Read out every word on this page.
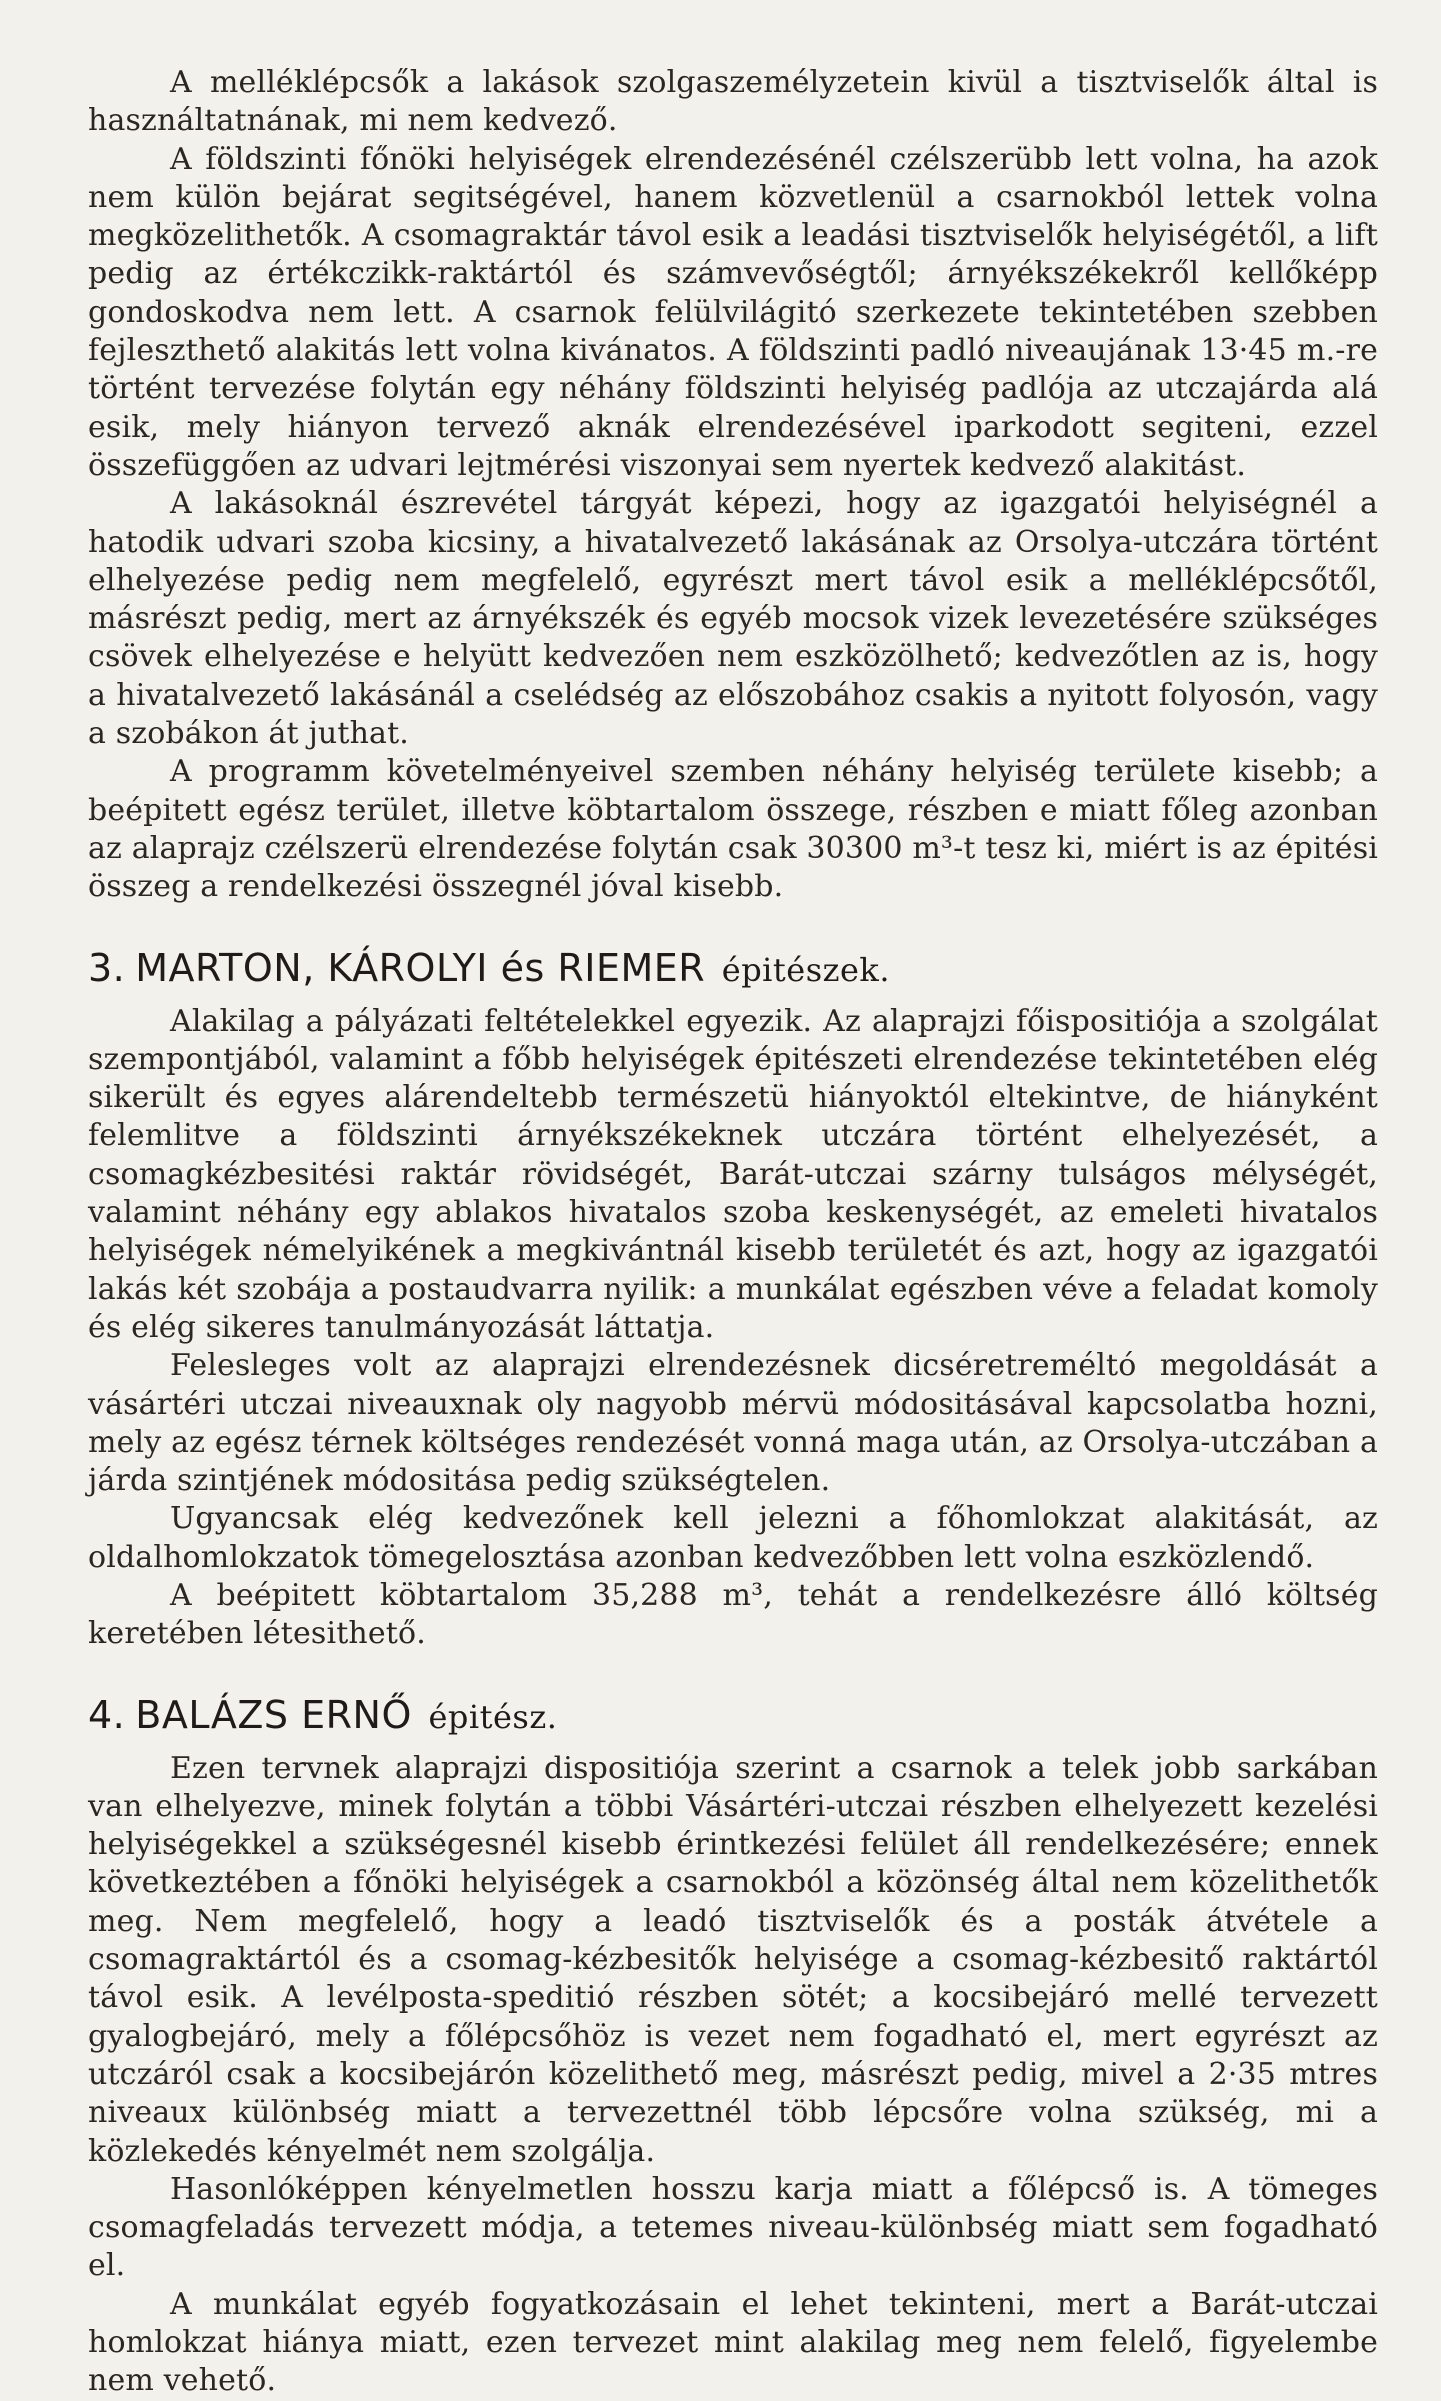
A melléklépcsők a lakások szolgaszemélyzetein kivül a tisztviselők által is használtatnának, mi nem kedvező.

A földszinti főnöki helyiségek elrendezésénél czélszerübb lett volna, ha azok nem külön bejárat segitségével, hanem közvetlenül a csarnokból lettek volna megközelithetők. A csomagraktár távol esik a leadási tisztviselők helyiségétől, a lift pedig az értékczikk-raktártól és számvevőségtől; árnyékszékekről kellőképp gondoskodva nem lett. A csarnok felülvilágitó szerkezete tekintetében szebben fejleszthető alakitás lett volna kivánatos. A földszinti padló niveaujának 13·45 m.-re történt tervezése folytán egy néhány földszinti helyiség padlója az utczajárda alá esik, mely hiányon tervező aknák elrendezésével iparkodott segiteni, ezzel összefüggően az udvari lejtmérési viszonyai sem nyertek kedvező alakitást.

A lakásoknál észrevétel tárgyát képezi, hogy az igazgatói helyiségnél a hatodik udvari szoba kicsiny, a hivatalvezető lakásának az Orsolya-utczára történt elhelyezése pedig nem megfelelő, egyrészt mert távol esik a melléklépcsőtől, másrészt pedig, mert az árnyékszék és egyéb mocsok vizek levezetésére szükséges csövek elhelyezése e helyütt kedvezően nem eszközölhető; kedvezőtlen az is, hogy a hivatalvezető lakásánál a cselédség az előszobához csakis a nyitott folyosón, vagy a szobákon át juthat.

A programm követelményeivel szemben néhány helyiség területe kisebb; a beépitett egész terület, illetve köbtartalom összege, részben e miatt főleg azonban az alaprajz czélszerü elrendezése folytán csak 30300 m³-t tesz ki, miért is az épitési összeg a rendelkezési összegnél jóval kisebb.

3. MARTON, KÁROLYI és RIEMER épitészek.

Alakilag a pályázati feltételekkel egyezik. Az alaprajzi főispositiója a szolgálat szempontjából, valamint a főbb helyiségek épitészeti elrendezése tekintetében elég sikerült és egyes alárendeltebb természetü hiányoktól eltekintve, de hiányként felemlitve a földszinti árnyékszékeknek utczára történt elhelyezését, a csomagkézbesitési raktár rövidségét, Barát-utczai szárny tulságos mélységét, valamint néhány egy ablakos hivatalos szoba keskenységét, az emeleti hivatalos helyiségek némelyikének a megkivántnál kisebb területét és azt, hogy az igazgatói lakás két szobája a postaudvarra nyilik: a munkálat egészben véve a feladat komoly és elég sikeres tanulmányozását láttatja.

Felesleges volt az alaprajzi elrendezésnek dicséretreméltó megoldását a vásártéri utczai niveauxnak oly nagyobb mérvü módositásával kapcsolatba hozni, mely az egész térnek költséges rendezését vonná maga után, az Orsolya-utczában a járda szintjének módositása pedig szükségtelen.

Ugyancsak elég kedvezőnek kell jelezni a főhomlokzat alakitását, az oldalhomlokzatok tömegelosztása azonban kedvezőbben lett volna eszközlendő.

A beépitett köbtartalom 35,288 m³, tehát a rendelkezésre álló költség keretében létesithető.

4. BALÁZS ERNŐ épitész.

Ezen tervnek alaprajzi dispositiója szerint a csarnok a telek jobb sarkában van elhelyezve, minek folytán a többi Vásártéri-utczai részben elhelyezett kezelési helyiségekkel a szükségesnél kisebb érintkezési felület áll rendelkezésére; ennek következtében a főnöki helyiségek a csarnokból a közönség által nem közelithetők meg. Nem megfelelő, hogy a leadó tisztviselők és a posták átvétele a csomagraktártól és a csomag-kézbesitők helyisége a csomag-kézbesitő raktártól távol esik. A levélposta-speditió részben sötét; a kocsibejáró mellé tervezett gyalogbejáró, mely a főlépcsőhöz is vezet nem fogadható el, mert egyrészt az utczáról csak a kocsibejárón közelithető meg, másrészt pedig, mivel a 2·35 mtres niveaux különbség miatt a tervezettnél több lépcsőre volna szükség, mi a közlekedés kényelmét nem szolgálja.

Hasonlóképpen kényelmetlen hosszu karja miatt a főlépcső is. A tömeges csomagfeladás tervezett módja, a tetemes niveau-különbség miatt sem fogadható el.

A munkálat egyéb fogyatkozásain el lehet tekinteni, mert a Barát-utczai homlokzat hiánya miatt, ezen tervezet mint alakilag meg nem felelő, figyelembe nem vehető.
